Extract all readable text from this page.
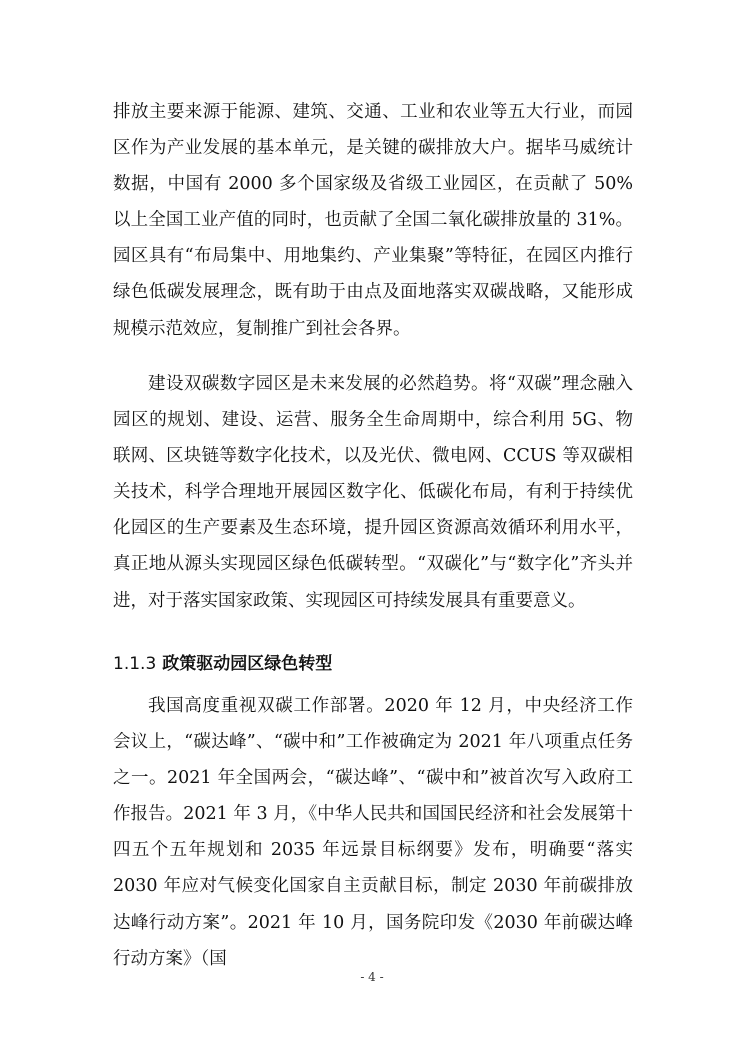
排放主要来源于能源、建筑、交通、工业和农业等五大行业，而园区作为产业发展的基本单元，是关键的碳排放大户。据毕马威统计数据，中国有 2000 多个国家级及省级工业园区，在贡献了 50%以上全国工业产值的同时，也贡献了全国二氧化碳排放量的 31%。园区具有“布局集中、用地集约、产业集聚”等特征，在园区内推行绿色低碳发展理念，既有助于由点及面地落实双碳战略，又能形成规模示范效应，复制推广到社会各界。

建设双碳数字园区是未来发展的必然趋势。将“双碳”理念融入园区的规划、建设、运营、服务全生命周期中，综合利用 5G、物联网、区块链等数字化技术，以及光伏、微电网、CCUS 等双碳相关技术，科学合理地开展园区数字化、低碳化布局，有利于持续优化园区的生产要素及生态环境，提升园区资源高效循环利用水平，真正地从源头实现园区绿色低碳转型。“双碳化”与“数字化”齐头并进，对于落实国家政策、实现园区可持续发展具有重要意义。

1.1.3 政策驱动园区绿色转型

我国高度重视双碳工作部署。2020 年 12 月，中央经济工作会议上，“碳达峰”、“碳中和”工作被确定为 2021 年八项重点任务之一。2021 年全国两会，“碳达峰”、“碳中和”被首次写入政府工作报告。2021 年 3 月，《中华人民共和国国民经济和社会发展第十四五个五年规划和 2035 年远景目标纲要》发布，明确要“落实 2030 年应对气候变化国家自主贡献目标，制定 2030 年前碳排放达峰行动方案”。2021 年 10 月，国务院印发《2030 年前碳达峰行动方案》（国

- 4 -
